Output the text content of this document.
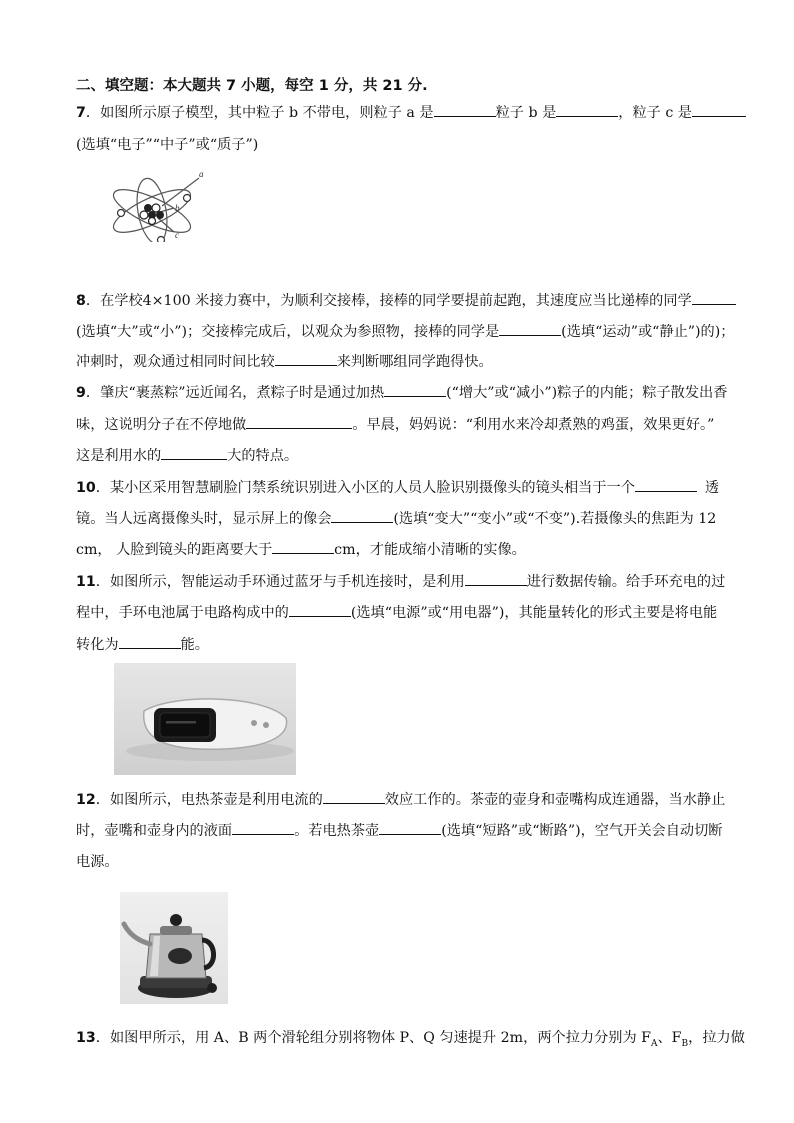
二、填空题：本大题共 7 小题，每空 1 分，共 21 分.
7．如图所示原子模型，其中粒子 b 不带电，则粒子 a 是	粒子 b 是	，粒子 c 是
(选填“电子”“中子”或“质子”)
a
b
c
8．在学校4×100 米接力赛中，为顺利交接棒，接棒的同学要提前起跑，其速度应当比递棒的同学
(选填“大”或“小”)；交接棒完成后，以观众为参照物，接棒的同学是	(选填“运动”或“静止”)的)；
冲刺时，观众通过相同时间比较	来判断哪组同学跑得快。
9．肇庆“裹蒸粽”远近闻名，煮粽子时是通过加热	(“增大”或“减小”)粽子的内能；粽子散发出香
味，这说明分子在不停地做	。早晨，妈妈说：“利用水来冷却煮熟的鸡蛋，效果更好。”
这是利用水的	大的特点。
10．某小区采用智慧刷脸门禁系统识别进入小区的人员人脸识别摄像头的镜头相当于一个	透
镜。当人远离摄像头时，显示屏上的像会	(选填“变大”“变小”或“不变”).若摄像头的焦距为 12
cm， 人脸到镜头的距离要大于	cm，才能成缩小清晰的实像。
11．如图所示，智能运动手环通过蓝牙与手机连接时，是利用	进行数据传输。给手环充电的过
程中，手环电池属于电路构成中的	(选填“电源”或“用电器”)，其能量转化的形式主要是将电能
转化为	能。
12．如图所示，电热茶壶是利用电流的	效应工作的。茶壶的壶身和壶嘴构成连通器，当水静止
时，壶嘴和壶身内的液面	。若电热茶壶	(选填“短路”或“断路”)，空气开关会自动切断
电源。
13．如图甲所示，用 A、B 两个滑轮组分别将物体 P、Q 匀速提升 2m，两个拉力分别为 $F_A$、$F_B$，拉力做
